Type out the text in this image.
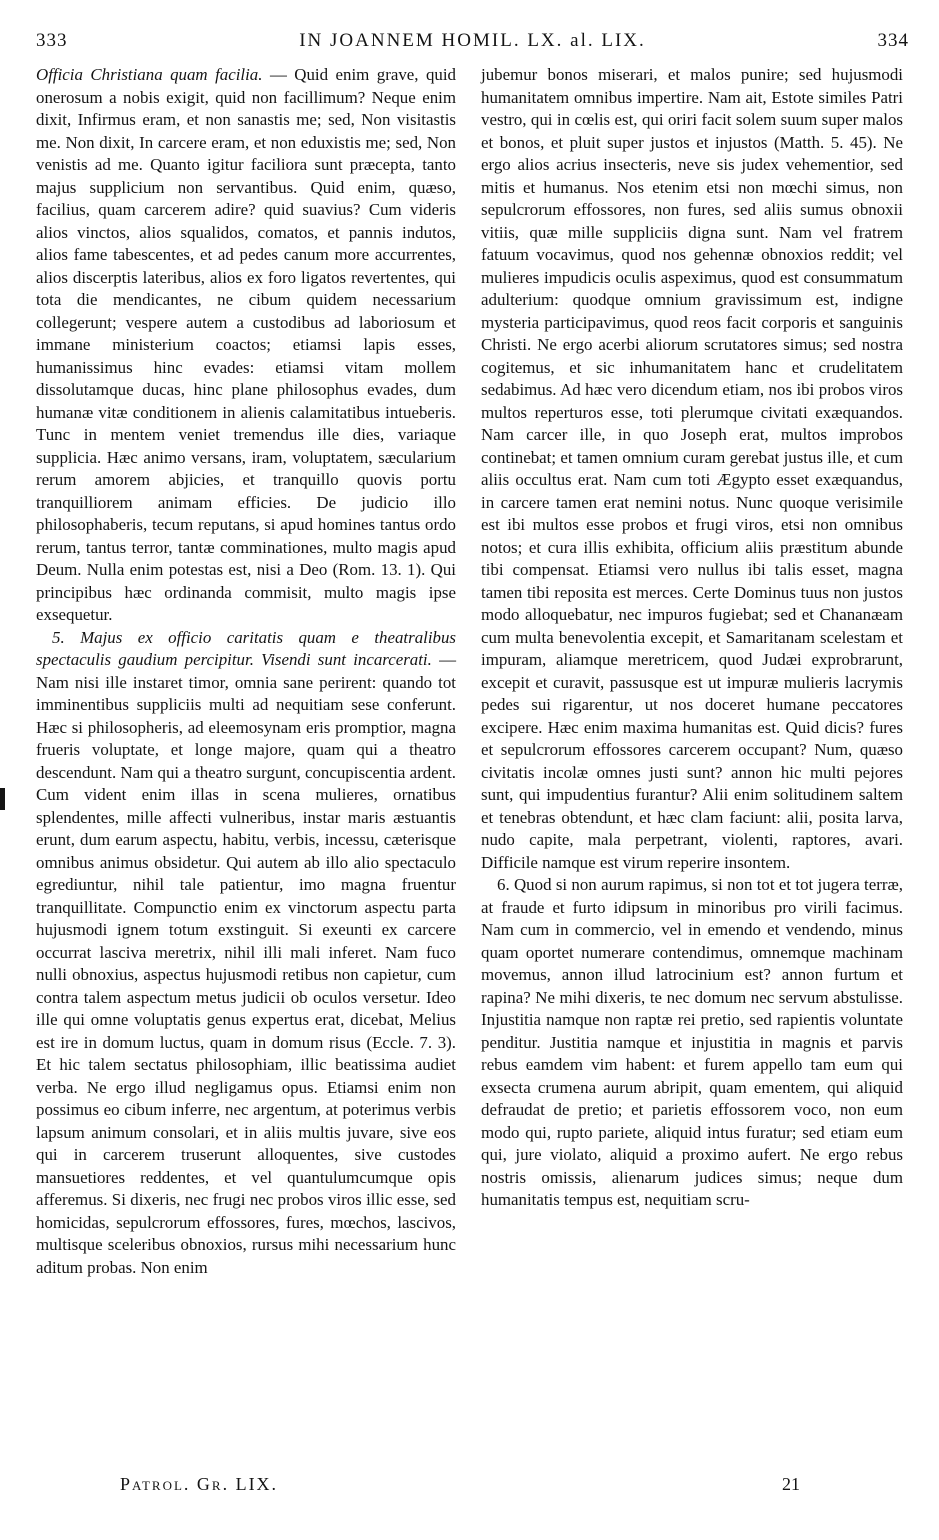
333	IN JOANNEM HOMIL. LX. al. LIX.	334

Officia Christiana quam facilia. — Quid enim grave, quid onerosum a nobis exigit, quid non facillimum? Neque enim dixit, Infirmus eram, et non sanastis me; sed, Non visitastis me. Non dixit, In carcere eram, et non eduxistis me; sed, Non venistis ad me. Quanto igitur faciliora sunt præcepta, tanto majus supplicium non servantibus. Quid enim, quæso, facilius, quam carcerem adire? quid suavius? Cum videris alios vinctos, alios squalidos, comatos, et pannis indutos, alios fame tabescentes, et ad pedes canum more accurrentes, alios discerptis lateribus, alios ex foro ligatos revertentes, qui tota die mendicantes, ne cibum quidem necessarium collegerunt; vespere autem a custodibus ad laboriosum et immane ministerium coactos; etiamsi lapis esses, humanissimus hinc evades: etiamsi vitam mollem dissolutamque ducas, hinc plane philosophus evades, dum humanæ vitæ conditionem in alienis calamitatibus intueberis. Tunc in mentem veniet tremendus ille dies, variaque supplicia. Hæc animo versans, iram, voluptatem, sæcularium rerum amorem abjicies, et tranquillo quovis portu tranquilliorem animam efficies. De judicio illo philosophaberis, tecum reputans, si apud homines tantus ordo rerum, tantus terror, tantæ comminationes, multo magis apud Deum. Nulla enim potestas est, nisi a Deo (Rom. 13. 1). Qui principibus hæc ordinanda commisit, multo magis ipse exsequetur.

5. Majus ex officio caritatis quam e theatralibus spectaculis gaudium percipitur. Visendi sunt incarcerati. —Nam nisi ille instaret timor, omnia sane perirent: quando tot imminentibus suppliciis multi ad nequitiam sese conferunt. Hæc si philosopheris, ad eleemosynam eris promptior, magna frueris voluptate, et longe majore, quam qui a theatro descendunt. Nam qui a theatro surgunt, concupiscentia ardent. Cum vident enim illas in scena mulieres, ornatibus splendentes, mille affecti vulneribus, instar maris æstuantis erunt, dum earum aspectu, habitu, verbis, incessu, cæterisque omnibus animus obsidetur. Qui autem ab illo alio spectaculo egrediuntur, nihil tale patientur, imo magna fruentur tranquillitate. Compunctio enim ex vinctorum aspectu parta hujusmodi ignem totum exstinguit. Si exeunti ex carcere occurrat lasciva meretrix, nihil illi mali inferet. Nam fuco nulli obnoxius, aspectus hujusmodi retibus non capietur, cum contra talem aspectum metus judicii ob oculos versetur. Ideo ille qui omne voluptatis genus expertus erat, dicebat, Melius est ire in domum luctus, quam in domum risus (Eccle. 7. 3). Et hic talem sectatus philosophiam, illic beatissima audiet verba. Ne ergo illud negligamus opus. Etiamsi enim non possimus eo cibum inferre, nec argentum, at poterimus verbis lapsum animum consolari, et in aliis multis juvare, sive eos qui in carcerem truserunt alloquentes, sive custodes mansuetiores reddentes, et vel quantulumcumque opis afferemus. Si dixeris, nec frugi nec probos viros illic esse, sed homicidas, sepulcrorum effossores, fures, mœchos, lascivos, multisque sceleribus obnoxios, rursus mihi necessarium hunc aditum probas. Non enim

jubemur bonos miserari, et malos punire; sed hujusmodi humanitatem omnibus impertire. Nam ait, Estote similes Patri vestro, qui in cœlis est, qui oriri facit solem suum super malos et bonos, et pluit super justos et injustos (Matth. 5. 45). Ne ergo alios acrius insecteris, neve sis judex vehementior, sed mitis et humanus. Nos etenim etsi non mœchi simus, non sepulcrorum effossores, non fures, sed aliis sumus obnoxii vitiis, quæ mille suppliciis digna sunt. Nam vel fratrem fatuum vocavimus, quod nos gehennæ obnoxios reddit; vel mulieres impudicis oculis aspeximus, quod est consummatum adulterium: quodque omnium gravissimum est, indigne mysteria participavimus, quod reos facit corporis et sanguinis Christi. Ne ergo acerbi aliorum scrutatores simus; sed nostra cogitemus, et sic inhumanitatem hanc et crudelitatem sedabimus. Ad hæc vero dicendum etiam, nos ibi probos viros multos reperturos esse, toti plerumque civitati exæquandos. Nam carcer ille, in quo Joseph erat, multos improbos continebat; et tamen omnium curam gerebat justus ille, et cum aliis occultus erat. Nam cum toti Ægypto esset exæquandus, in carcere tamen erat nemini notus. Nunc quoque verisimile est ibi multos esse probos et frugi viros, etsi non omnibus notos; et cura illis exhibita, officium aliis præstitum abunde tibi compensat. Etiamsi vero nullus ibi talis esset, magna tamen tibi reposita est merces. Certe Dominus tuus non justos modo alloquebatur, nec impuros fugiebat; sed et Chananæam cum multa benevolentia excepit, et Samaritanam scelestam et impuram, aliamque meretricem, quod Judæi exprobrarunt, excepit et curavit, passusque est ut impuræ mulieris lacrymis pedes sui rigarentur, ut nos doceret humane peccatores excipere. Hæc enim maxima humanitas est. Quid dicis? fures et sepulcrorum effossores carcerem occupant? Num, quæso civitatis incolæ omnes justi sunt? annon hic multi pejores sunt, qui impudentius furantur? Alii enim solitudinem saltem et tenebras obtendunt, et hæc clam faciunt: alii, posita larva, nudo capite, mala perpetrant, violenti, raptores, avari. Difficile namque est virum reperire insontem.

6. Quod si non aurum rapimus, si non tot et tot jugera terræ, at fraude et furto idipsum in minoribus pro virili facimus. Nam cum in commercio, vel in emendo et vendendo, minus quam oportet numerare contendimus, omnemque machinam movemus, annon illud latrocinium est? annon furtum et rapina? Ne mihi dixeris, te nec domum nec servum abstulisse. Injustitia namque non raptæ rei pretio, sed rapientis voluntate penditur. Justitia namque et injustitia in magnis et parvis rebus eamdem vim habent: et furem appello tam eum qui exsecta crumena aurum abripit, quam ementem, qui aliquid defraudat de pretio; et parietis effossorem voco, non eum modo qui, rupto pariete, aliquid intus furatur; sed etiam eum qui, jure violato, aliquid a proximo aufert. Ne ergo rebus nostris omissis, alienarum judices simus; neque dum humanitatis tempus est, nequitiam scru-

Patrol. Gr. LIX.	21
